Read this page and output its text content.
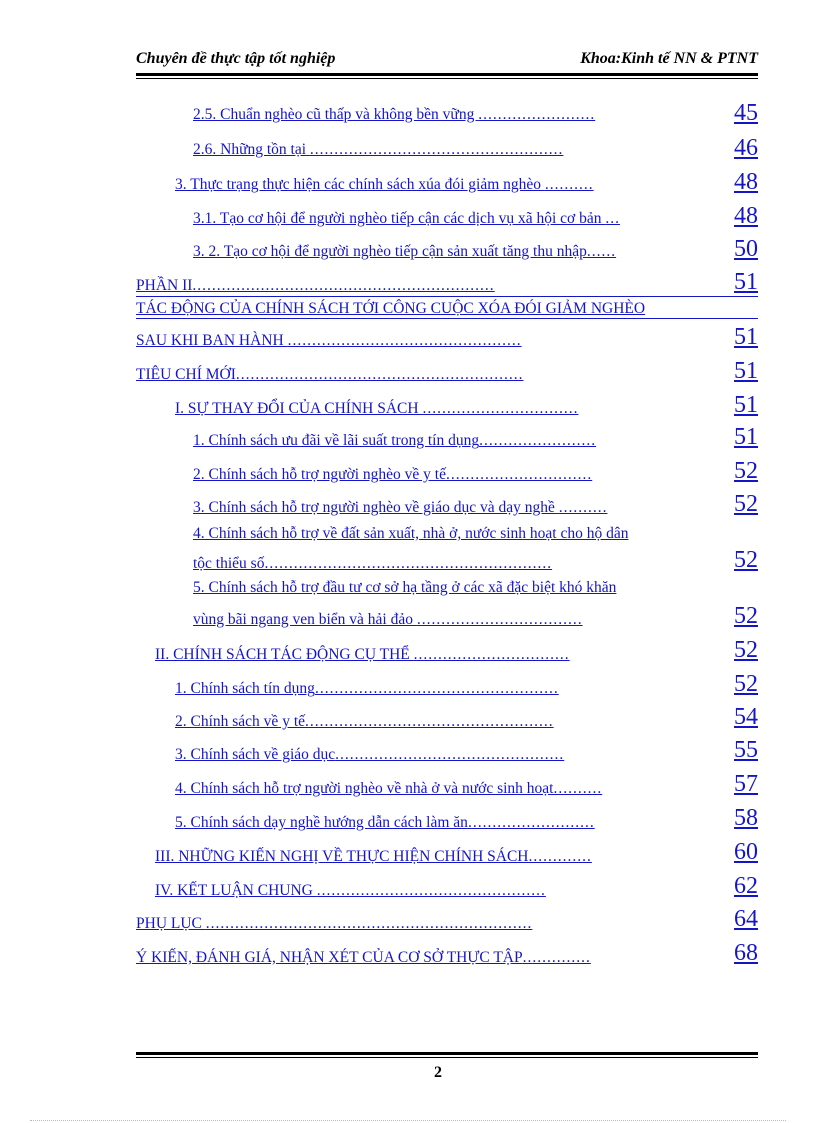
Chuyên đề thực tập tốt nghiệp	Khoa:Kinh tế NN & PTNT
2.5. Chuẩn nghèo cũ thấp và không bền vững ........................	45
2.6. Những tồn tại ....................................................	46
3. Thực trạng thực hiện các chính sách xúa đói giảm nghèo ..........	48
3.1. Tạo cơ hội để người nghèo tiếp cận các dịch vụ xã hội cơ bản ...	48
3. 2. Tạo cơ hội để người nghèo tiếp cận sản xuất tăng thu nhập......	50
PHẦN II..............................................................	51
TÁC ĐỘNG CỦA CHÍNH SÁCH TỚI CÔNG CUỘC XÓA ĐÓI GIẢM NGHÈO
SAU KHI BAN HÀNH ................................................	51
TIÊU CHÍ MỚI...........................................................	51
I. SỰ THAY ĐỔI CỦA CHÍNH SÁCH ................................	51
1. Chính sách ưu đãi về lãi suất trong tín dụng........................	51
2. Chính sách hỗ trợ người nghèo về y tế..............................	52
3. Chính sách hỗ trợ người nghèo về giáo dục và dạy nghề ..........	52
4. Chính sách hỗ trợ về đất sản xuất, nhà ở, nước sinh hoạt cho hộ dân
tộc thiểu số...........................................................	52
5. Chính sách hỗ trợ đầu tư cơ sở hạ tầng ở các xã đặc biệt khó khăn
vùng bãi ngang ven biển và hải đảo ..................................	52
II. CHÍNH SÁCH TÁC ĐỘNG CỤ THỂ ................................	52
1. Chính sách tín dụng..................................................	52
2. Chính sách về y tế...................................................	54
3. Chính sách về giáo dục...............................................	55
4. Chính sách hỗ trợ người nghèo về nhà ở và nước sinh hoạt..........	57
5. Chính sách dạy nghề hướng dẫn cách làm ăn..........................	58
III. NHỮNG KIẾN NGHỊ VỀ THỰC HIỆN CHÍNH SÁCH.............	60
IV. KẾT LUẬN CHUNG ...............................................	62
PHỤ LỤC ...................................................................	64
Ý KIẾN, ĐÁNH GIÁ, NHẬN XÉT CỦA CƠ SỞ THỰC TẬP..............	68
2
